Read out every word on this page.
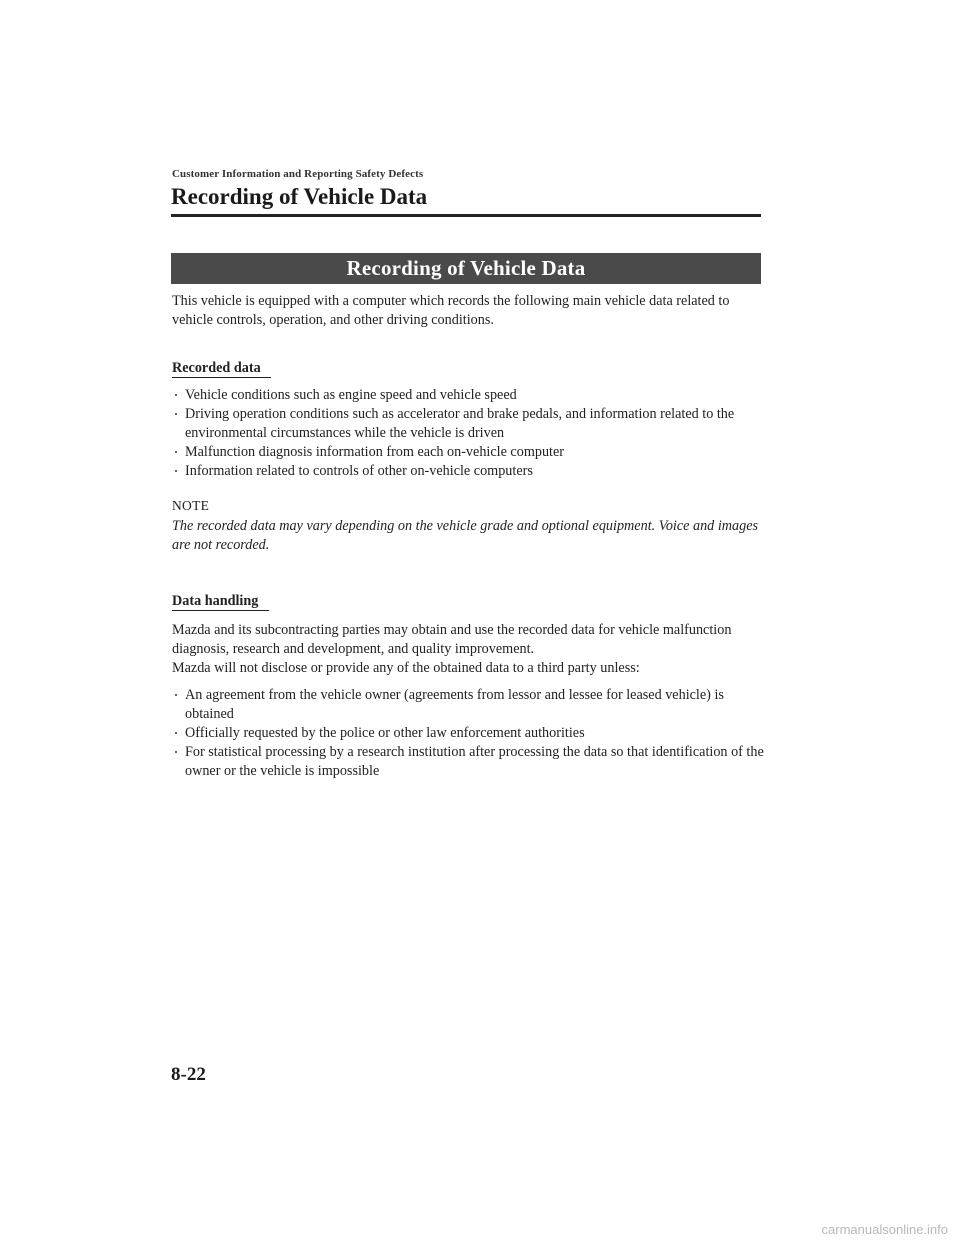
Customer Information and Reporting Safety Defects
Recording of Vehicle Data
Recording of Vehicle Data

This vehicle is equipped with a computer which records the following main vehicle data related to vehicle controls, operation, and other driving conditions.

Recorded data
Vehicle conditions such as engine speed and vehicle speed
Driving operation conditions such as accelerator and brake pedals, and information related to the environmental circumstances while the vehicle is driven
Malfunction diagnosis information from each on-vehicle computer
Information related to controls of other on-vehicle computers
NOTE

The recorded data may vary depending on the vehicle grade and optional equipment. Voice and images are not recorded.

Data handling

Mazda and its subcontracting parties may obtain and use the recorded data for vehicle malfunction diagnosis, research and development, and quality improvement.

Mazda will not disclose or provide any of the obtained data to a third party unless:

An agreement from the vehicle owner (agreements from lessor and lessee for leased vehicle) is obtained
Officially requested by the police or other law enforcement authorities
For statistical processing by a research institution after processing the data so that identification of the owner or the vehicle is impossible
8-22
carmanualsonline.info
